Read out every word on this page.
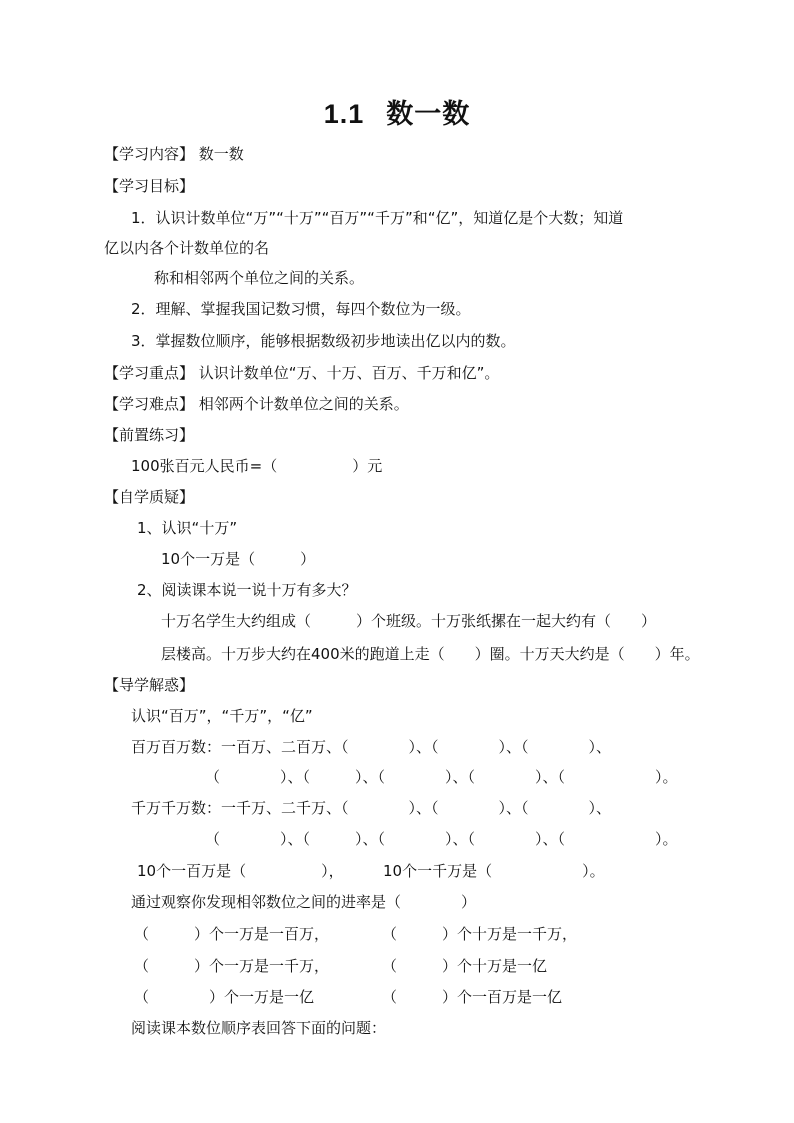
1.1 数一数
【学习内容】 数一数
【学习目标】
1．认识计数单位“万”“十万”“百万”“千万”和“亿”，知道亿是个大数；知道
亿以内各个计数单位的名
称和相邻两个单位之间的关系。
2．理解、掌握我国记数习惯，每四个数位为一级。
3．掌握数位顺序，能够根据数级初步地读出亿以内的数。
【学习重点】 认识计数单位“万、十万、百万、千万和亿”。
【学习难点】 相邻两个计数单位之间的关系。
【前置练习】
100张百元人民币=（　　　　　）元
【自学质疑】
1、认识“十万”
10个一万是（　　　）
2、阅读课本说一说十万有多大？
十万名学生大约组成（　　　）个班级。十万张纸摞在一起大约有（　　）
层楼高。十万步大约在400米的跑道上走（　　）圈。十万天大约是（　　）年。
【导学解惑】
认识“百万”，“千万”，“亿”
百万百万数：一百万、二百万、（　　　　）、（　　　　）、（　　　　）、
（　　　　）、（　　　）、（　　　　）、（　　　　）、（　　　　　　）。
千万千万数：一千万、二千万、（　　　　）、（　　　　）、（　　　　）、
（　　　　）、（　　　）、（　　　　）、（　　　　）、（　　　　　　）。
10个一百万是（　　　　　），	10个一千万是（　　　　　　）。
通过观察你发现相邻数位之间的进率是（　　　　）
（　　　）个一万是一百万，	（　　　）个十万是一千万，
（　　　）个一万是一千万，	（　　　）个十万是一亿
（　　　　）个一万是一亿	（　　　）个一百万是一亿
阅读课本数位顺序表回答下面的问题：
